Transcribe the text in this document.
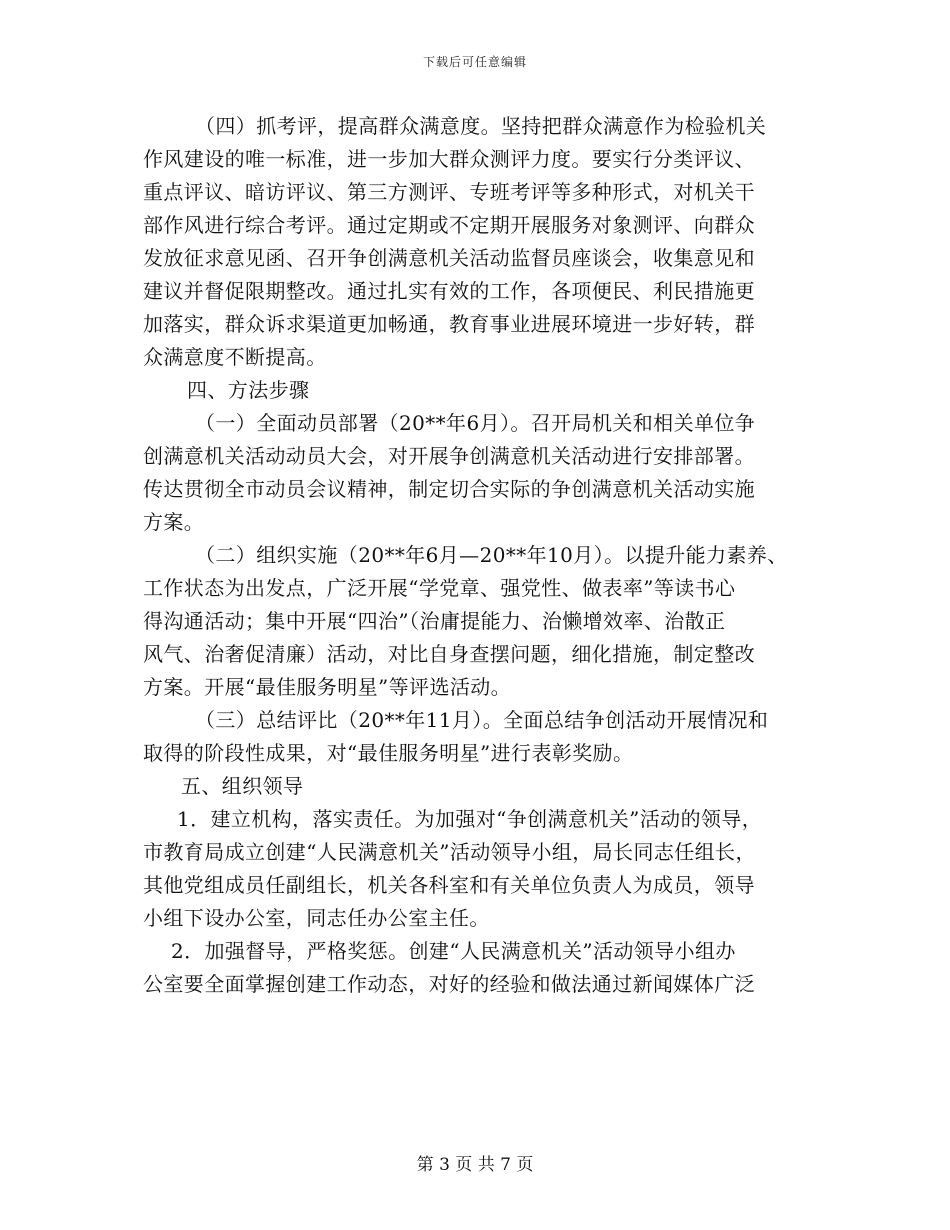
下载后可任意编辑
（四）抓考评，提高群众满意度。坚持把群众满意作为检验机关
作风建设的唯一标准，进一步加大群众测评力度。要实行分类评议、
重点评议、暗访评议、第三方测评、专班考评等多种形式，对机关干
部作风进行综合考评。通过定期或不定期开展服务对象测评、向群众
发放征求意见函、召开争创满意机关活动监督员座谈会，收集意见和
建议并督促限期整改。通过扎实有效的工作，各项便民、利民措施更
加落实，群众诉求渠道更加畅通，教育事业进展环境进一步好转，群
众满意度不断提高。
四、方法步骤
（一）全面动员部署（20**年6月）。召开局机关和相关单位争
创满意机关活动动员大会，对开展争创满意机关活动进行安排部署。
传达贯彻全市动员会议精神，制定切合实际的争创满意机关活动实施
方案。
（二）组织实施（20**年6月—20**年10月）。以提升能力素养、
工作状态为出发点，广泛开展“学党章、强党性、做表率”等读书心
得沟通活动；集中开展“四治”（治庸提能力、治懒增效率、治散正
风气、治奢促清廉）活动，对比自身查摆问题，细化措施，制定整改
方案。开展“最佳服务明星”等评选活动。
（三）总结评比（20**年11月）。全面总结争创活动开展情况和
取得的阶段性成果，对“最佳服务明星”进行表彰奖励。
五、组织领导
1．建立机构，落实责任。为加强对“争创满意机关”活动的领导，
市教育局成立创建“人民满意机关”活动领导小组，局长同志任组长，
其他党组成员任副组长，机关各科室和有关单位负责人为成员，领导
小组下设办公室，同志任办公室主任。
2．加强督导，严格奖惩。创建“人民满意机关”活动领导小组办
公室要全面掌握创建工作动态，对好的经验和做法通过新闻媒体广泛
第 3 页 共 7 页
